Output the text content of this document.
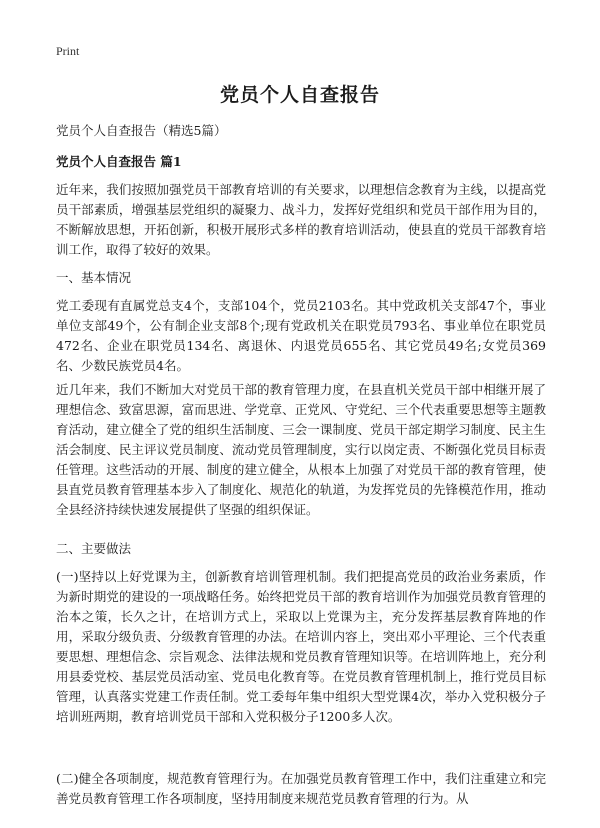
Print
党员个人自查报告
党员个人自查报告（精选5篇）
党员个人自查报告 篇1

近年来，我们按照加强党员干部教育培训的有关要求，以理想信念教育为主线，以提高党员干部素质，增强基层党组织的凝聚力、战斗力，发挥好党组织和党员干部作用为目的，不断解放思想，开拓创新，积极开展形式多样的教育培训活动，使县直的党员干部教育培训工作，取得了较好的效果。

一、基本情况

党工委现有直属党总支4个，支部104个，党员2103名。其中党政机关支部47个，事业单位支部49个，公有制企业支部8个;现有党政机关在职党员793名、事业单位在职党员472名、企业在职党员134名、离退休、内退党员655名、其它党员49名;女党员369名、少数民族党员4名。

近几年来，我们不断加大对党员干部的教育管理力度，在县直机关党员干部中相继开展了理想信念、致富思源，富而思进、学党章、正党风、守党纪、三个代表重要思想等主题教育活动，建立健全了党的组织生活制度、三会一课制度、党员干部定期学习制度、民主生活会制度、民主评议党员制度、流动党员管理制度，实行以岗定责、不断强化党员目标责任管理。这些活动的开展、制度的建立健全，从根本上加强了对党员干部的教育管理，使县直党员教育管理基本步入了制度化、规范化的轨道，为发挥党员的先锋模范作用，推动全县经济持续快速发展提供了坚强的组织保证。

二、主要做法

(一)坚持以上好党课为主，创新教育培训管理机制。我们把提高党员的政治业务素质，作为新时期党的建设的一项战略任务。始终把党员干部的教育培训作为加强党员教育管理的治本之策，长久之计，在培训方式上，采取以上党课为主，充分发挥基层教育阵地的作用，采取分级负责、分级教育管理的办法。在培训内容上，突出邓小平理论、三个代表重要思想、理想信念、宗旨观念、法律法规和党员教育管理知识等。在培训阵地上，充分利用县委党校、基层党员活动室、党员电化教育等。在党员教育管理机制上，推行党员目标管理，认真落实党建工作责任制。党工委每年集中组织大型党课4次，举办入党积极分子培训班两期，教育培训党员干部和入党积极分子1200多人次。

(二)健全各项制度，规范教育管理行为。在加强党员教育管理工作中，我们注重建立和完善党员教育管理工作各项制度，坚持用制度来规范党员教育管理的行为。从
